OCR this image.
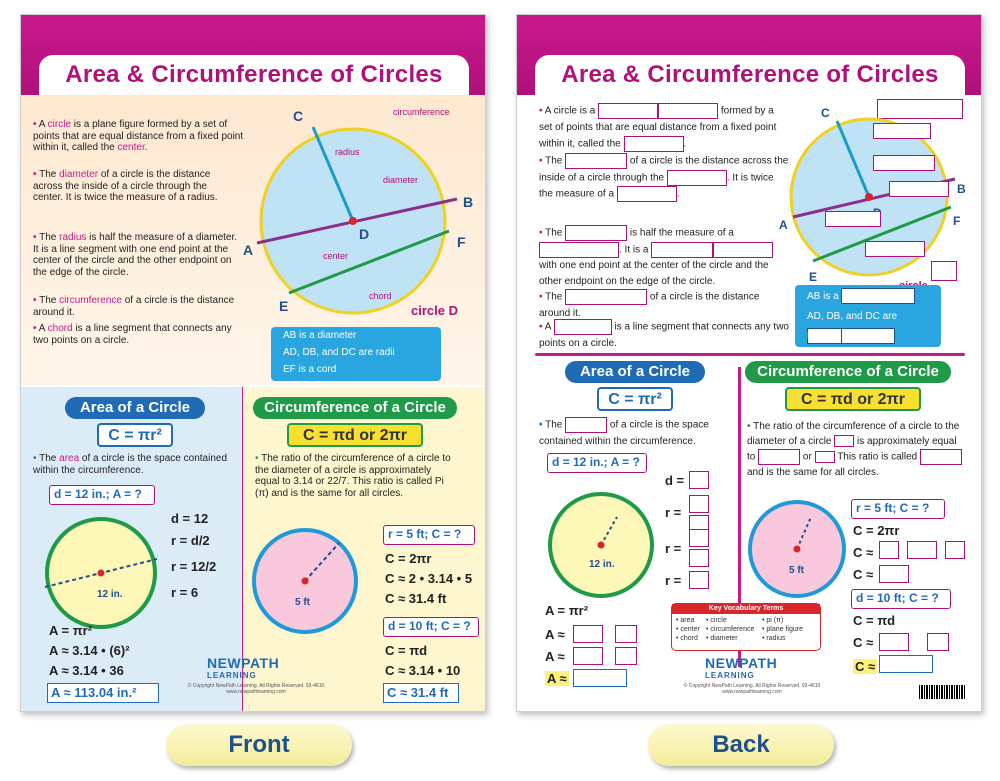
Area & Circumference of Circles
• A circle is a plane figure formed by a set of points that are equal distance from a fixed point within it, called the center.
• The diameter of a circle is the distance across the inside of a circle through the center. It is twice the measure of a radius.
• The radius is half the measure of a diameter. It is a line segment with one end point at the center of the circle and the other endpoint on the edge of the circle.
• The circumference of a circle is the distance around it.
• A chord is a line segment that connects any two points on a circle.
C
B
A
D	F
E
circumference
radius
diameter
center
chord
circle D
AB is a diameter
AD, DB, and DC are radii
EF is a cord
Area of a Circle
C = πr²
• The area of a circle is the space contained within the circumference.
d = 12 in.; A = ?
d = 12
r = d/2
r = 12/2
r = 6
12 in.
A = πr²
A ≈ 3.14 • (6)²
A ≈ 3.14 • 36
A ≈ 113.04 in.²
Circumference of a Circle
C = πd or 2πr
• The ratio of the circumference of a circle to the diameter of a circle is approximately equal to 3.14 or 22/7. This ratio is called Pi (π) and is the same for all circles.
5 ft
r = 5 ft; C = ?
C = 2πr
C ≈ 2 • 3.14 • 5
C ≈ 31.4 ft
d = 10 ft; C = ?
C = πd
C ≈ 3.14 • 10
C ≈ 31.4 ft
NEWPATH
LEARNING
© Copyright NewPath Learning. All Rights Reserved. 93-4610
www.newpathlearning.com
Area & Circumference of Circles
• A circle is a	formed by a set of points that are equal distance from a fixed point within it, called the	.
• The	of a circle is the distance across the inside of a circle through the	. It is twice the measure of a	.
• The	is half the measure of a . It is a  with one end point at the center of the circle and the other endpoint on the edge of the circle.
• The	of a circle is the distance around it.
• A	is a line segment that connects any two points on a circle.
C
B
A	F
E
AB is a
AD, DB, and DC are
EF is a
Area of a Circle
C = πr²
• The	of a circle is the space contained within the circumference.
d = 12 in.; A = ?
d =
r =
r =
r =
12 in.
A = πr²
A ≈
A ≈
A ≈
Circumference of a Circle
C = πd or 2πr
• The ratio of the circumference of a circle to the diameter of a circle	is approximately equal to	or	This ratio is called  and is the same for all circles.
5 ft
r = 5 ft; C = ?
C = 2πr
C ≈
C ≈
d = 10 ft; C = ?
C = πd
C ≈
C ≈
Key Vocabulary Terms
• area	• circle	• pi (π)
• center • circumference	• plane figure
• chord	• diameter	• radius
NEWPATH
LEARNING
© Copyright NewPath Learning. All Rights Reserved. 93-4610
www.newpathlearning.com
Front	Back
